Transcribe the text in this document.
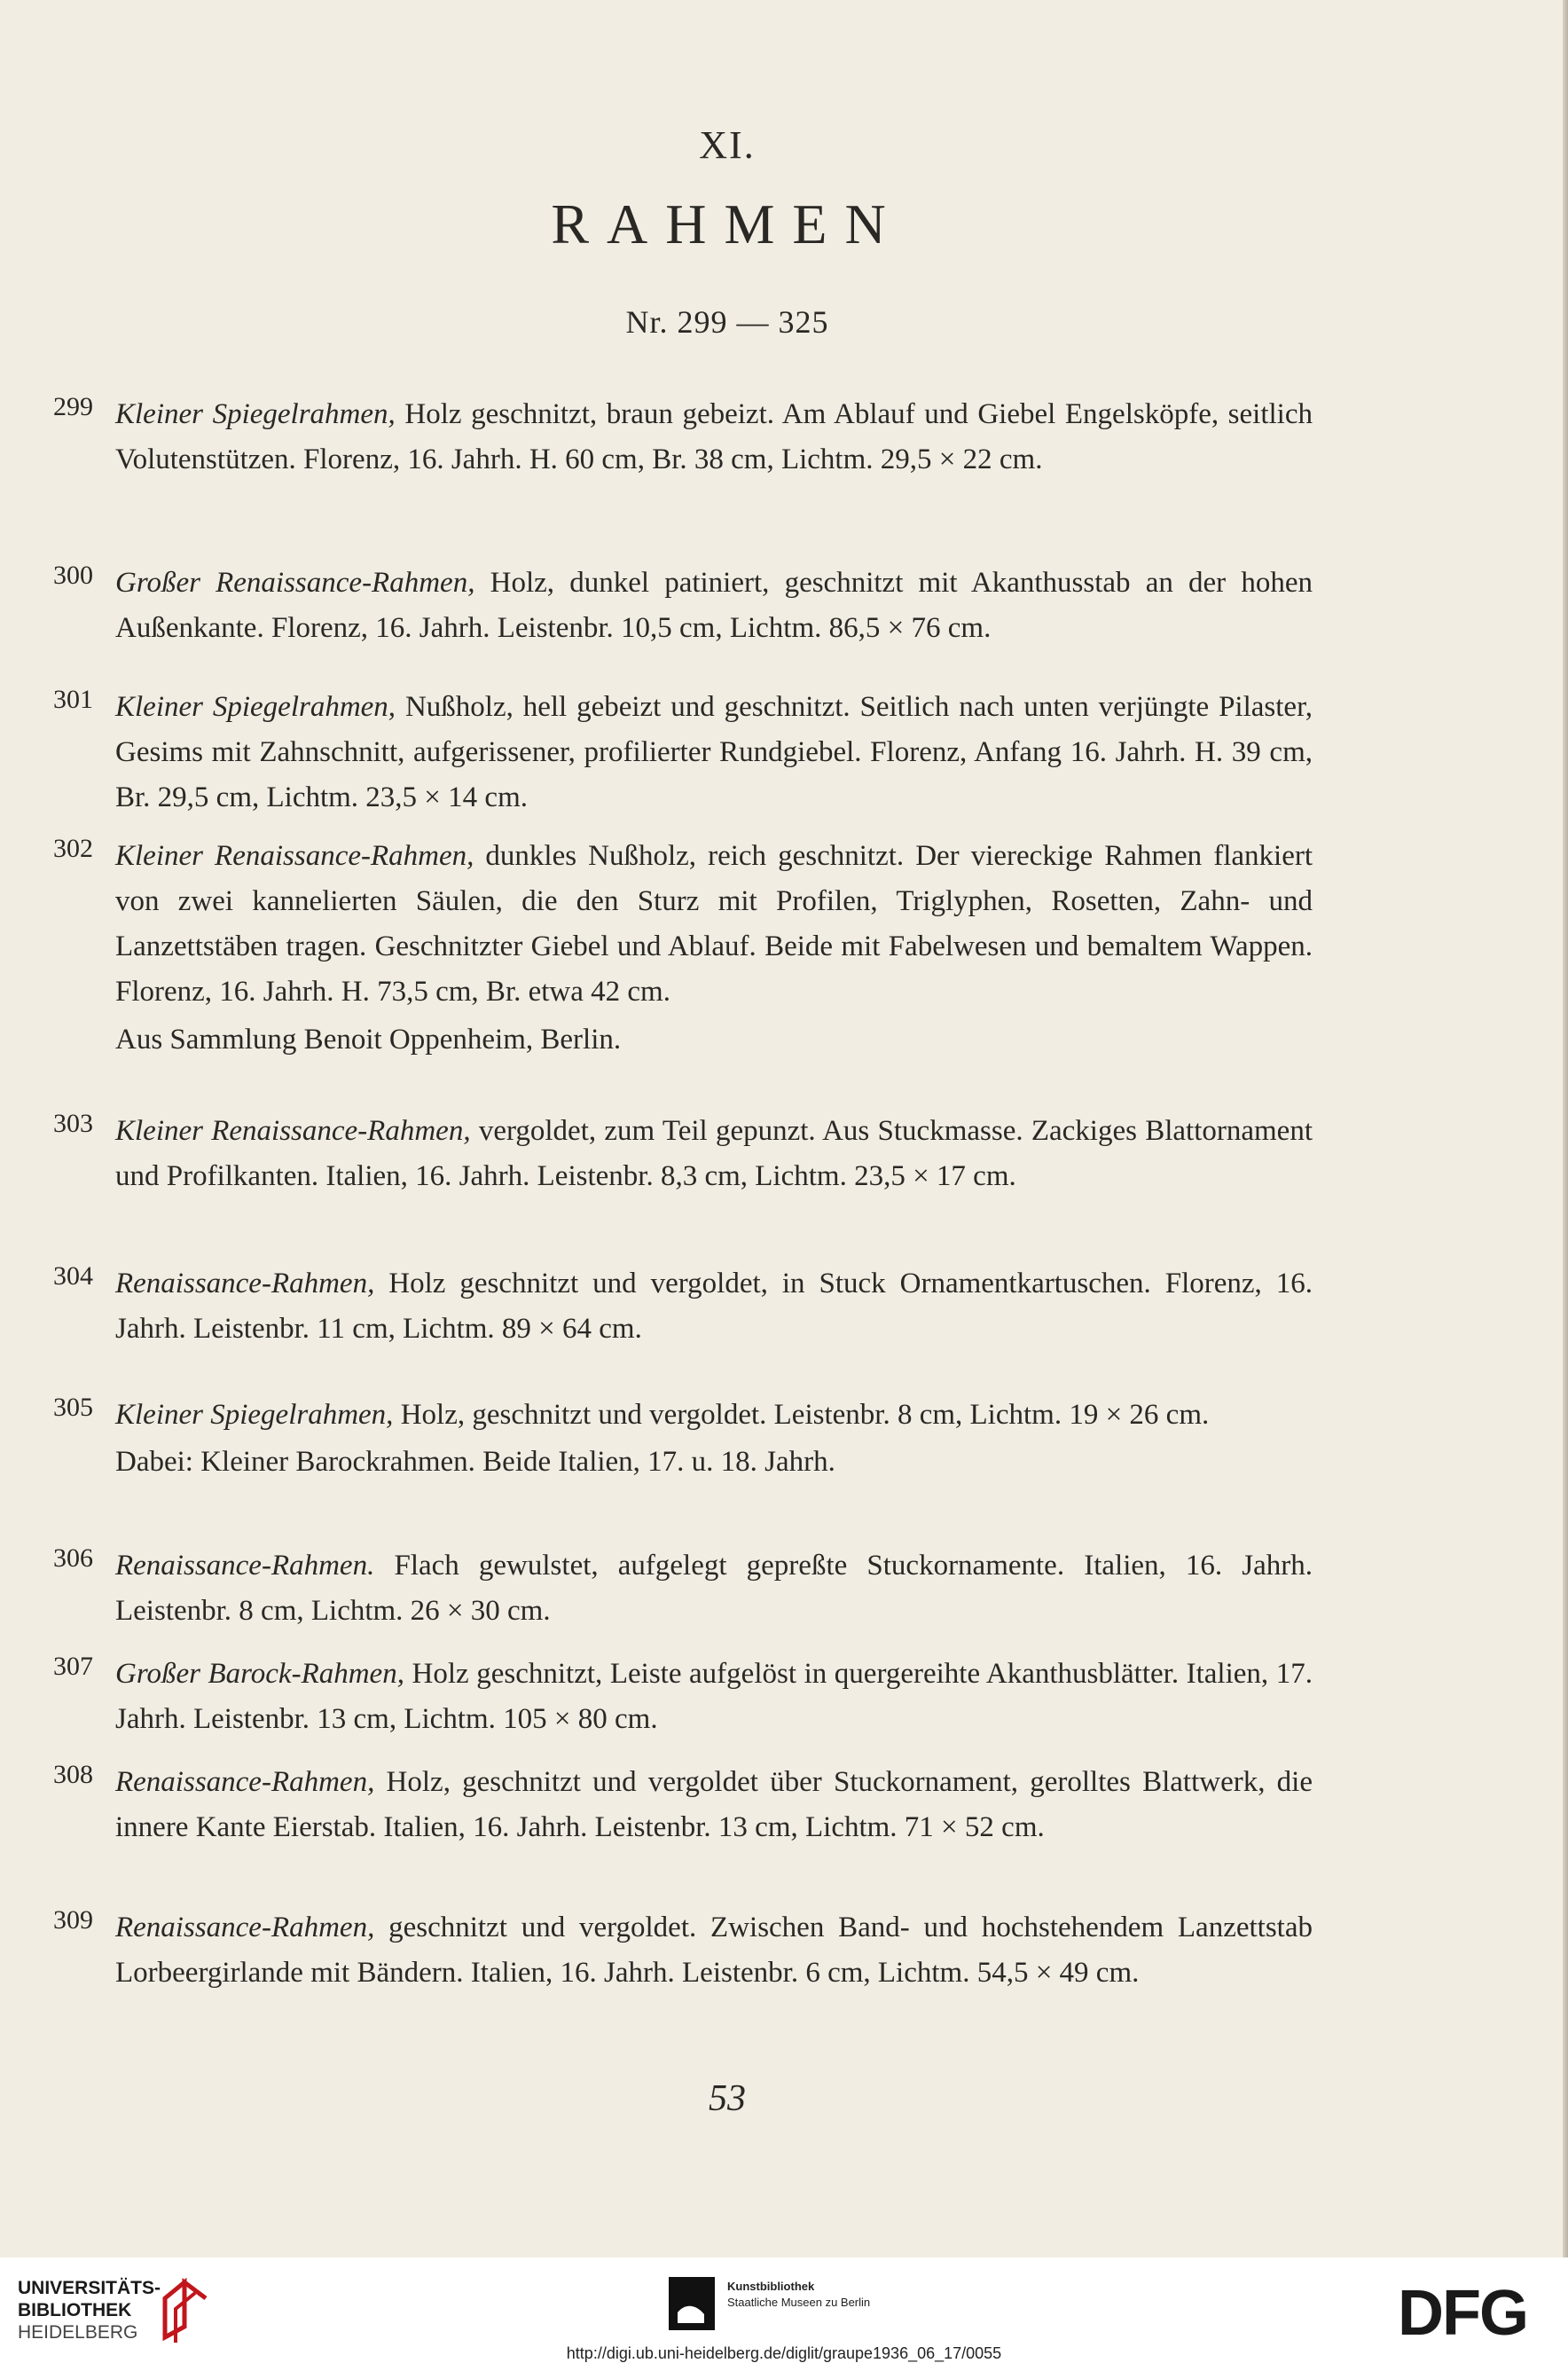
XI.
RAHMEN
Nr. 299 — 325
299 Kleiner Spiegelrahmen, Holz geschnitzt, braun gebeizt. Am Ablauf und Giebel Engelsköpfe, seitlich Volutenstützen. Florenz, 16. Jahrh. H. 60 cm, Br. 38 cm, Lichtm. 29,5 × 22 cm.
300 Großer Renaissance-Rahmen, Holz, dunkel patiniert, geschnitzt mit Akanthusstab an der hohen Außenkante. Florenz, 16. Jahrh. Leistenbr. 10,5 cm, Lichtm. 86,5 × 76 cm.
301 Kleiner Spiegelrahmen, Nußholz, hell gebeizt und geschnitzt. Seitlich nach unten verjüngte Pilaster, Gesims mit Zahnschnitt, aufgerissener, profilierter Rundgiebel. Florenz, Anfang 16. Jahrh. H. 39 cm, Br. 29,5 cm, Lichtm. 23,5 × 14 cm.
302 Kleiner Renaissance-Rahmen, dunkles Nußholz, reich geschnitzt. Der viereckige Rahmen flankiert von zwei kannelierten Säulen, die den Sturz mit Profilen, Triglyphen, Rosetten, Zahn- und Lanzettstäben tragen. Geschnitzter Giebel und Ablauf. Beide mit Fabelwesen und bemaltem Wappen. Florenz, 16. Jahrh. H. 73,5 cm, Br. etwa 42 cm.
Aus Sammlung Benoit Oppenheim, Berlin.
303 Kleiner Renaissance-Rahmen, vergoldet, zum Teil gepunzt. Aus Stuckmasse. Zackiges Blattornament und Profilkanten. Italien, 16. Jahrh. Leistenbr. 8,3 cm, Lichtm. 23,5 × 17 cm.
304 Renaissance-Rahmen, Holz geschnitzt und vergoldet, in Stuck Ornamentkartuschen. Florenz, 16. Jahrh. Leistenbr. 11 cm, Lichtm. 89 × 64 cm.
305 Kleiner Spiegelrahmen, Holz, geschnitzt und vergoldet. Leistenbr. 8 cm, Lichtm. 19 × 26 cm.
Dabei: Kleiner Barockrahmen. Beide Italien, 17. u. 18. Jahrh.
306 Renaissance-Rahmen. Flach gewulstet, aufgelegt gepreßte Stuckornamente. Italien, 16. Jahrh. Leistenbr. 8 cm, Lichtm. 26 × 30 cm.
307 Großer Barock-Rahmen, Holz geschnitzt, Leiste aufgelöst in quergereihte Akanthusblätter. Italien, 17. Jahrh. Leistenbr. 13 cm, Lichtm. 105 × 80 cm.
308 Renaissance-Rahmen, Holz, geschnitzt und vergoldet über Stuckornament, gerolltes Blattwerk, die innere Kante Eierstab. Italien, 16. Jahrh. Leistenbr. 13 cm, Lichtm. 71 × 52 cm.
309 Renaissance-Rahmen, geschnitzt und vergoldet. Zwischen Band- und hochstehendem Lanzettstab Lorbeergirlande mit Bändern. Italien, 16. Jahrh. Leistenbr. 6 cm, Lichtm. 54,5 × 49 cm.
53
UNIVERSITÄTS-
BIBLIOTHEK
HEIDELBERG
Kunstbibliothek
Staatliche Museen zu Berlin	DFG
http://digi.ub.uni-heidelberg.de/diglit/graupe1936_06_17/0055
